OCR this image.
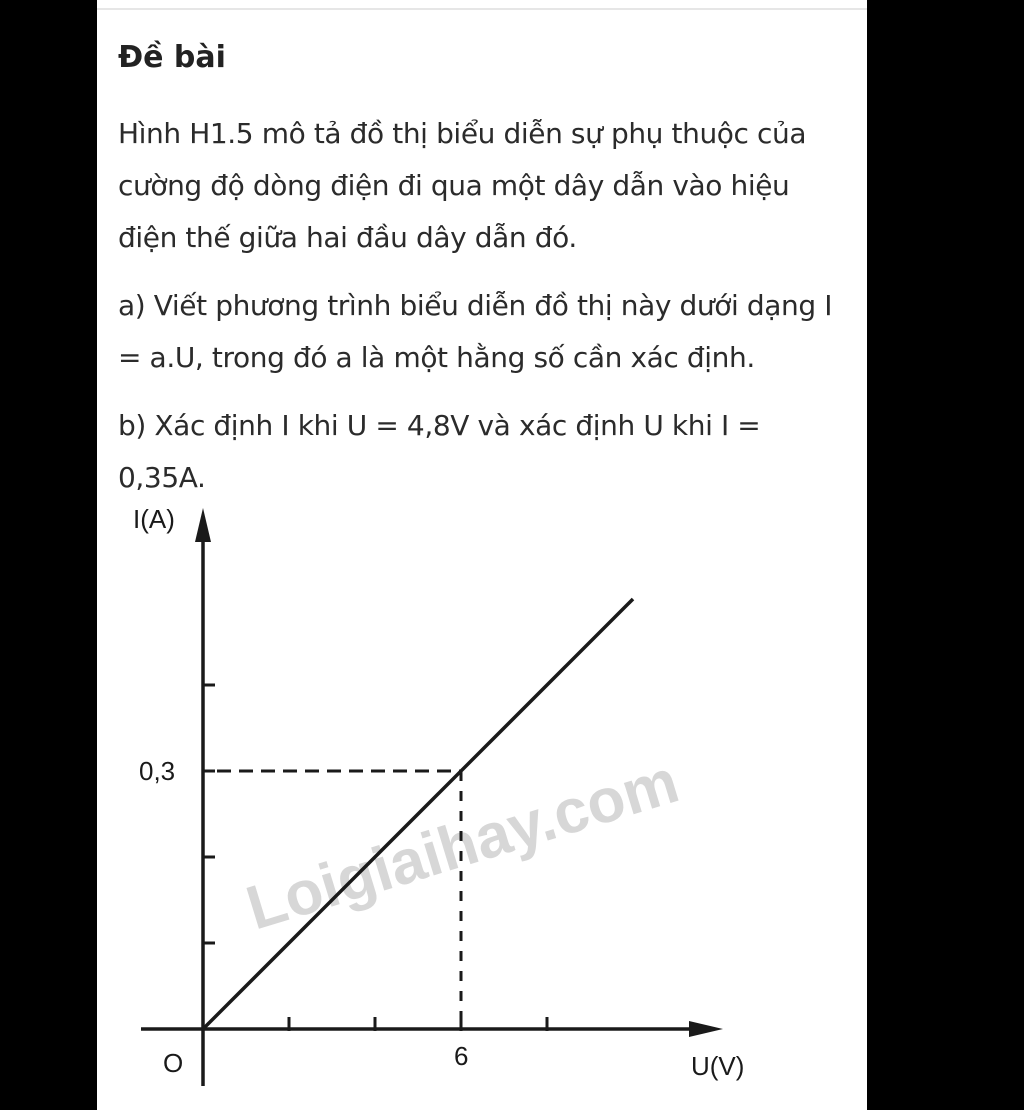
Đề bài

Hình H1.5 mô tả đồ thị biểu diễn sự phụ thuộc của cường độ dòng điện đi qua một dây dẫn vào hiệu điện thế giữa hai đầu dây dẫn đó.

a) Viết phương trình biểu diễn đồ thị này dưới dạng I = a.U, trong đó a là một hằng số cần xác định.

b) Xác định I khi U = 4,8V và xác định U khi I = 0,35A.

Loigiaihay.com
I(A)
U(V)
O
0,3
6
